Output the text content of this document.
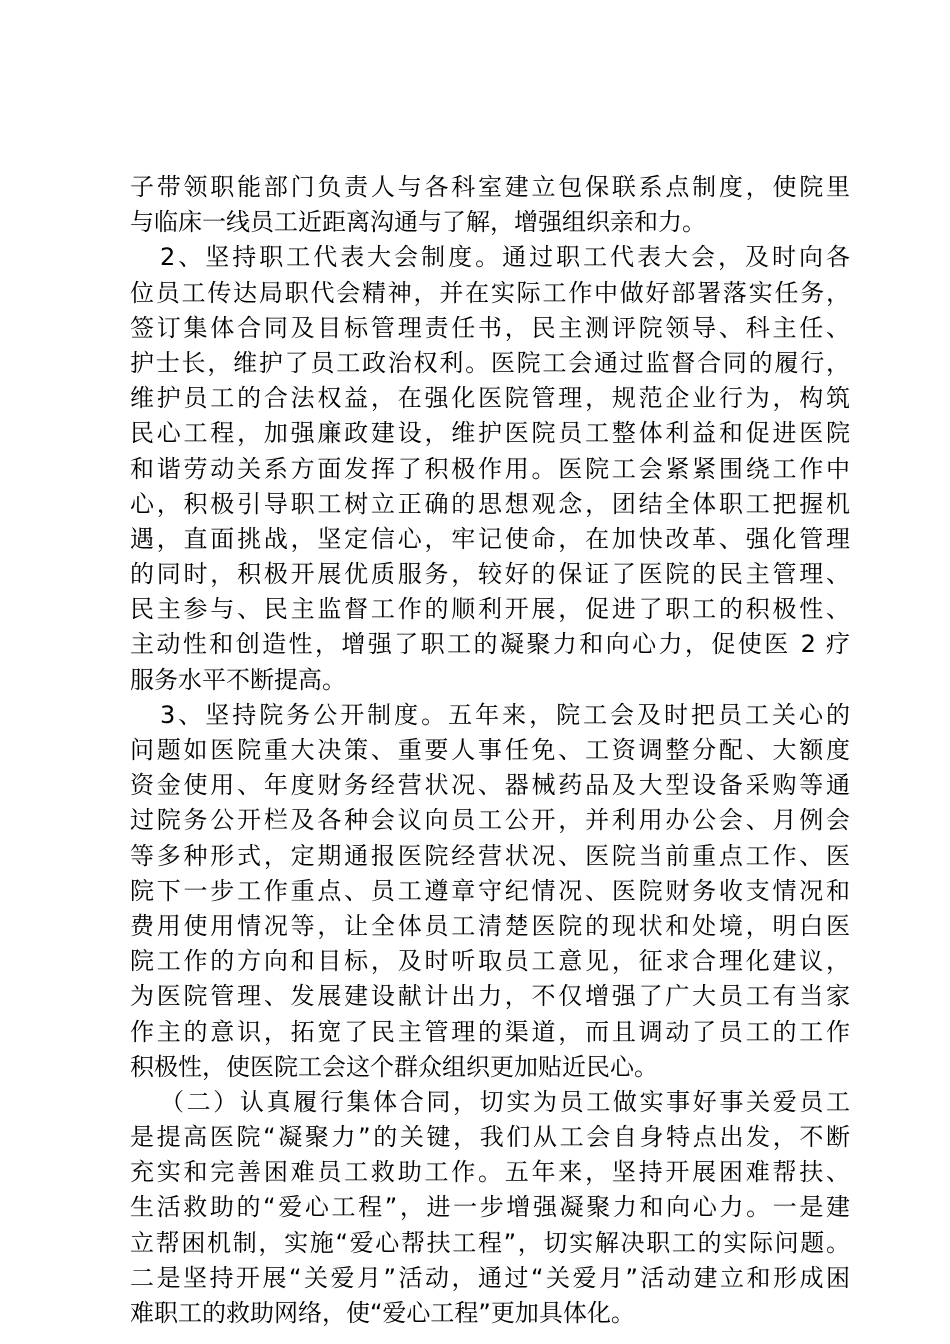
子带领职能部门负责人与各科室建立包保联系点制度，使院里
与临床一线员工近距离沟通与了解，增强组织亲和力。
2、坚持职工代表大会制度。通过职工代表大会，及时向各
位员工传达局职代会精神，并在实际工作中做好部署落实任务，
签订集体合同及目标管理责任书，民主测评院领导、科主任、
护士长，维护了员工政治权利。医院工会通过监督合同的履行，
维护员工的合法权益，在强化医院管理，规范企业行为，构筑
民心工程，加强廉政建设，维护医院员工整体利益和促进医院
和谐劳动关系方面发挥了积极作用。医院工会紧紧围绕工作中
心，积极引导职工树立正确的思想观念，团结全体职工把握机
遇，直面挑战，坚定信心，牢记使命，在加快改革、强化管理
的同时，积极开展优质服务，较好的保证了医院的民主管理、
民主参与、民主监督工作的顺利开展，促进了职工的积极性、
主动性和创造性，增强了职工的凝聚力和向心力，促使医 2 疗
服务水平不断提高。
3、坚持院务公开制度。五年来，院工会及时把员工关心的
问题如医院重大决策、重要人事任免、工资调整分配、大额度
资金使用、年度财务经营状况、器械药品及大型设备采购等通
过院务公开栏及各种会议向员工公开，并利用办公会、月例会
等多种形式，定期通报医院经营状况、医院当前重点工作、医
院下一步工作重点、员工遵章守纪情况、医院财务收支情况和
费用使用情况等，让全体员工清楚医院的现状和处境，明白医
院工作的方向和目标，及时听取员工意见，征求合理化建议，
为医院管理、发展建设献计出力，不仅增强了广大员工有当家
作主的意识，拓宽了民主管理的渠道，而且调动了员工的工作
积极性，使医院工会这个群众组织更加贴近民心。
（二）认真履行集体合同，切实为员工做实事好事关爱员工
是提高医院“凝聚力”的关键，我们从工会自身特点出发，不断
充实和完善困难员工救助工作。五年来，坚持开展困难帮扶、
生活救助的“爱心工程”，进一步增强凝聚力和向心力。一是建
立帮困机制，实施“爱心帮扶工程”，切实解决职工的实际问题。
二是坚持开展“关爱月”活动，通过“关爱月”活动建立和形成困
难职工的救助网络，使“爱心工程”更加具体化。
